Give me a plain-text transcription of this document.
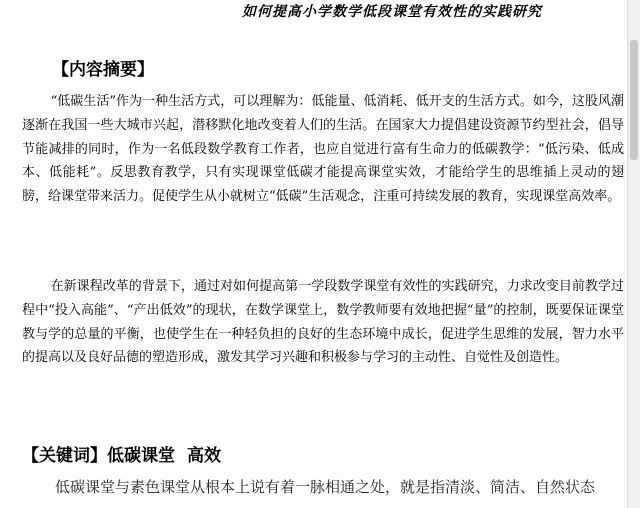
如何提高小学数学低段课堂有效性的实践研究
【内容摘要】

“低碳生活”作为一种生活方式，可以理解为：低能量、低消耗、低开支的生活方式。如今，这股风潮逐渐在我国一些大城市兴起，潜移默化地改变着人们的生活。在国家大力提倡建设资源节约型社会，倡导节能减排的同时，作为一名低段数学教育工作者，也应自觉进行富有生命力的低碳教学：“低污染、低成本、低能耗”。反思教育教学，只有实现课堂低碳才能提高课堂实效，才能给学生的思维插上灵动的翅膀，给课堂带来活力。促使学生从小就树立“低碳”生活观念，注重可持续发展的教育，实现课堂高效率。

在新课程改革的背景下，通过对如何提高第一学段数学课堂有效性的实践研究，力求改变目前教学过程中“投入高能”、“产出低效”的现状，在数学课堂上，数学教师要有效地把握“量”的控制，既要保证课堂教与学的总量的平衡，也使学生在一种轻负担的良好的生态环境中成长，促进学生思维的发展，智力水平的提高以及良好品德的塑造形成，激发其学习兴趣和积极参与学习的主动性、自觉性及创造性。

【关键词】低碳课堂 高效

低碳课堂与素色课堂从根本上说有着一脉相通之处，就是指清淡、简洁、自然状态
